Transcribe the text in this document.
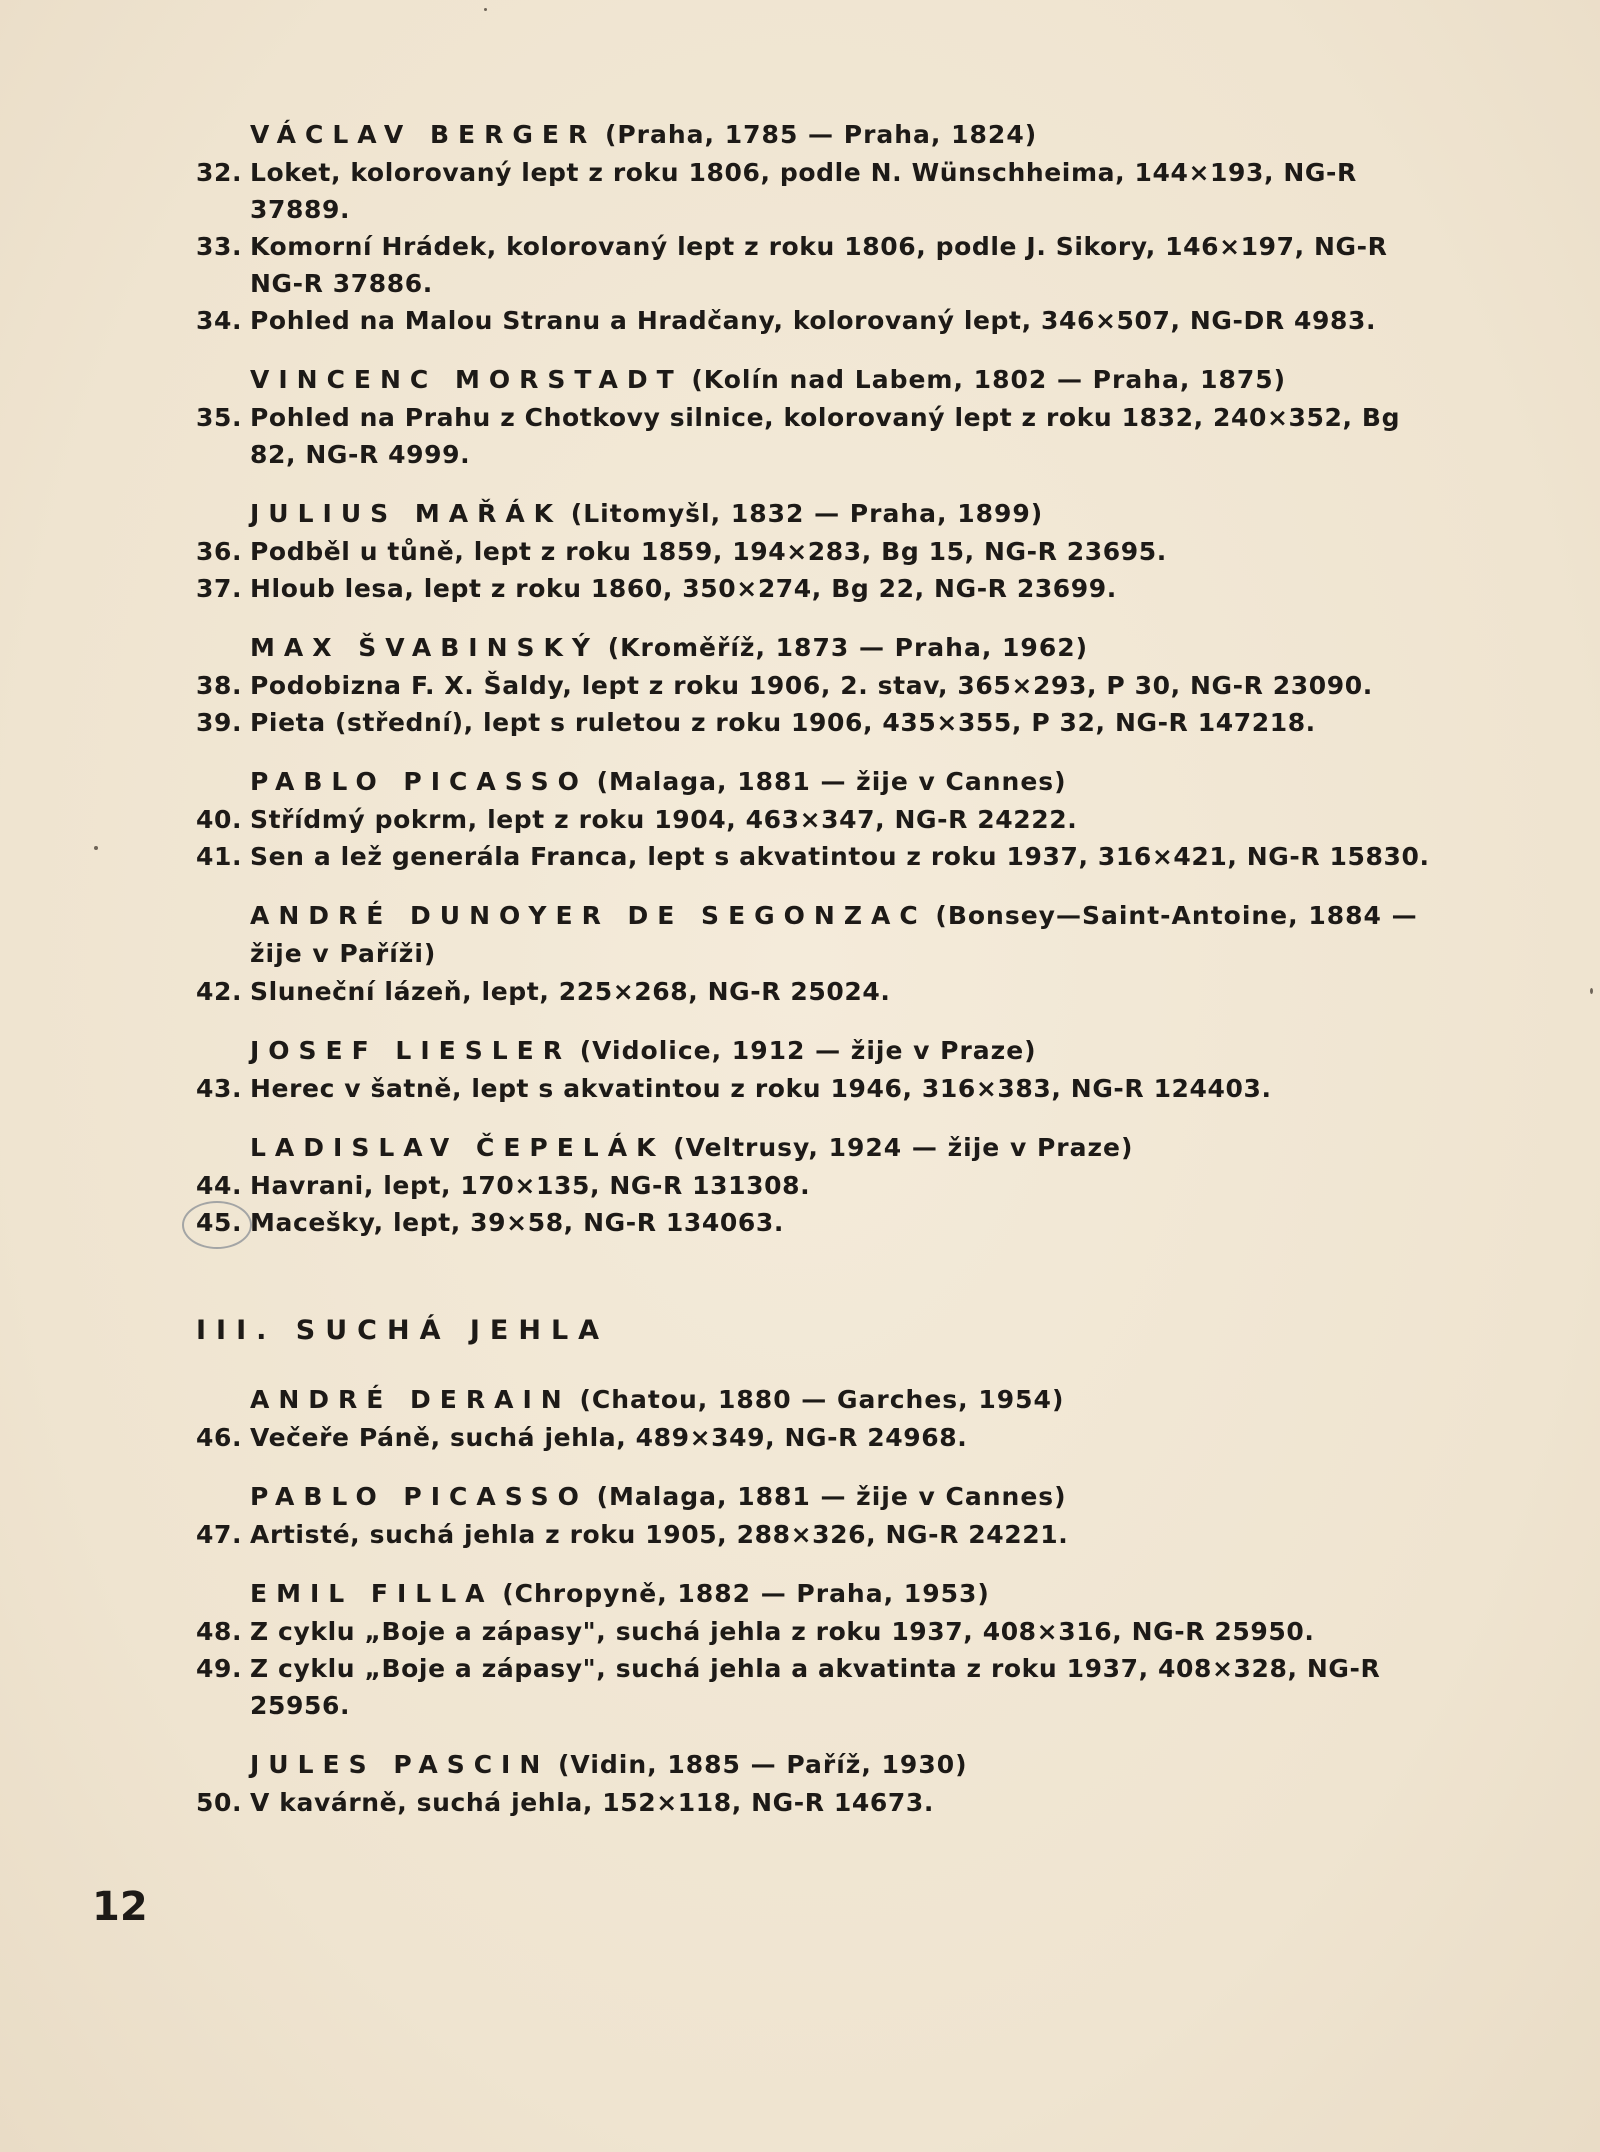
VÁCLAV BERGER (Praha, 1785 — Praha, 1824)
32. Loket, kolorovaný lept z roku 1806, podle N. Wünschheima, 144×193, NG-R 37889.
33. Komorní Hrádek, kolorovaný lept z roku 1806, podle J. Sikory, 146×197, NG-R NG-R 37886.
34. Pohled na Malou Stranu a Hradčany, kolorovaný lept, 346×507, NG-DR 4983.
VINCENC MORSTADT (Kolín nad Labem, 1802 — Praha, 1875)
35. Pohled na Prahu z Chotkovy silnice, kolorovaný lept z roku 1832, 240×352, Bg 82, NG-R 4999.
JULIUS MAŘÁK (Litomyšl, 1832 — Praha, 1899)
36. Podběl u tůně, lept z roku 1859, 194×283, Bg 15, NG-R 23695.
37. Hloub lesa, lept z roku 1860, 350×274, Bg 22, NG-R 23699.
MAX ŠVABINSKÝ (Kroměříž, 1873 — Praha, 1962)
38. Podobizna F. X. Šaldy, lept z roku 1906, 2. stav, 365×293, P 30, NG-R 23090.
39. Pieta (střední), lept s ruletou z roku 1906, 435×355, P 32, NG-R 147218.
PABLO PICASSO (Malaga, 1881 — žije v Cannes)
40. Střídmý pokrm, lept z roku 1904, 463×347, NG-R 24222.
41. Sen a lež generála Franca, lept s akvatintou z roku 1937, 316×421, NG-R 15830.
ANDRÉ DUNOYER DE SEGONZAC (Bonsey—Saint-Antoine, 1884 — žije v Paříži)
42. Sluneční lázeň, lept, 225×268, NG-R 25024.
JOSEF LIESLER (Vidolice, 1912 — žije v Praze)
43. Herec v šatně, lept s akvatintou z roku 1946, 316×383, NG-R 124403.
LADISLAV ČEPELÁK (Veltrusy, 1924 — žije v Praze)
44. Havrani, lept, 170×135, NG-R 131308.
45. Macešky, lept, 39×58, NG-R 134063.
III. SUCHÁ JEHLA
ANDRÉ DERAIN (Chatou, 1880 — Garches, 1954)
46. Večeře Páně, suchá jehla, 489×349, NG-R 24968.
PABLO PICASSO (Malaga, 1881 — žije v Cannes)
47. Artisté, suchá jehla z roku 1905, 288×326, NG-R 24221.
EMIL FILLA (Chropyně, 1882 — Praha, 1953)
48. Z cyklu „Boje a zápasy", suchá jehla z roku 1937, 408×316, NG-R 25950.
49. Z cyklu „Boje a zápasy", suchá jehla a akvatinta z roku 1937, 408×328, NG-R 25956.
JULES PASCIN (Vidin, 1885 — Paříž, 1930)
50. V kavárně, suchá jehla, 152×118, NG-R 14673.
12
